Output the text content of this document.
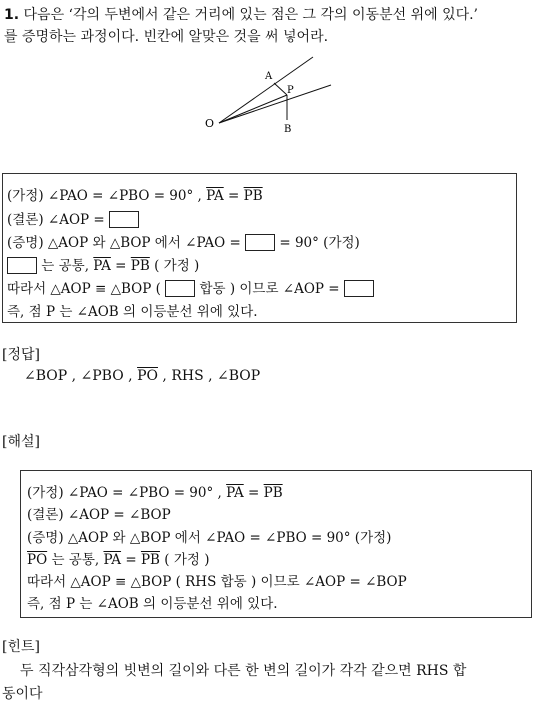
1. 다음은 ‘각의 두변에서 같은 거리에 있는 점은 그 각의 이동분선 위에 있다.’
를 증명하는 과정이다. 빈칸에 알맞은 것을 써 넣어라.
O
A
P
B
(가정) ∠PAO = ∠PBO = 90° , $\overline{PA} = \overline{PB}$
(결론) ∠AOP =
(증명) △AOP 와 △BOP 에서 ∠PAO =  = 90° (가정)
는 공통, $\overline{PA} = \overline{PB}$ ( 가정 )
따라서 △AOP ≡ △BOP (  합동 ) 이므로 ∠AOP =
즉, 점 P 는 ∠AOB 의 이등분선 위에 있다.
[정답]
∠BOP , ∠PBO , $\overline{PO}$ , RHS , ∠BOP
[해설]
(가정) ∠PAO = ∠PBO = 90° , $\overline{PA} = \overline{PB}$
(결론) ∠AOP = ∠BOP
(증명) △AOP 와 △BOP 에서 ∠PAO = ∠PBO = 90° (가정)
$\overline{PO}$ 는 공통, $\overline{PA} = \overline{PB}$ ( 가정 )
따라서 △AOP ≡ △BOP ( RHS 합동 ) 이므로 ∠AOP = ∠BOP
즉, 점 P 는 ∠AOB 의 이등분선 위에 있다.
[힌트]
두 직각삼각형의 빗변의 길이와 다른 한 변의 길이가 각각 같으면 RHS 합
동이다
